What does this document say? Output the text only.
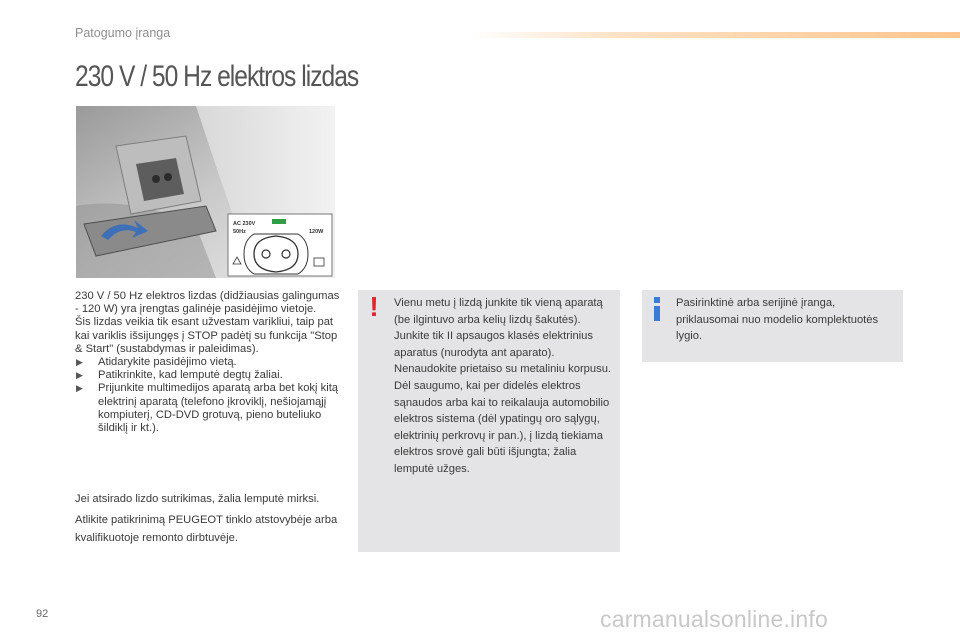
Patogumo įranga
230 V / 50 Hz elektros lizdas
AC 230V
50Hz	120W

230 V / 50 Hz elektros lizdas (didžiausias galingumas - 120 W) yra įrengtas galinėje pasidėjimo vietoje.

Šis lizdas veikia tik esant užvestam varikliui, taip pat kai variklis išsijungęs į STOP padėtį su funkcija "Stop & Start" (sustabdymas ir paleidimas).

▶ Atidarykite pasidėjimo vietą.

▶ Patikrinkite, kad lemputė degtų žaliai.

▶ Prijunkite multimedijos aparatą arba bet kokį kitą elektrinį aparatą (telefono įkroviklį, nešiojamąjį kompiuterį, CD-DVD grotuvą, pieno buteliuko šildiklį ir kt.).

Jei atsirado lizdo sutrikimas, žalia lemputė mirksi.

Atlikite patikrinimą PEUGEOT tinklo atstovybėje arba kvalifikuotoje remonto dirbtuvėje.

!	Vienu metu į lizdą junkite tik vieną aparatą (be ilgintuvo arba kelių lizdų šakutės).

Junkite tik II apsaugos klasės elektrinius aparatus (nurodyta ant aparato).

Nenaudokite prietaiso su metaliniu korpusu.

Dėl saugumo, kai per didelės elektros sąnaudos arba kai to reikalauja automobilio elektros sistema (dėl ypatingų oro sąlygų, elektrinių perkrovų ir pan.), į lizdą tiekiama elektros srovė gali būti išjungta; žalia lemputė užges.

Pasirinktinė arba serijinė įranga, priklausomai nuo modelio komplektuotės lygio.
92	carmanualsonline.info
